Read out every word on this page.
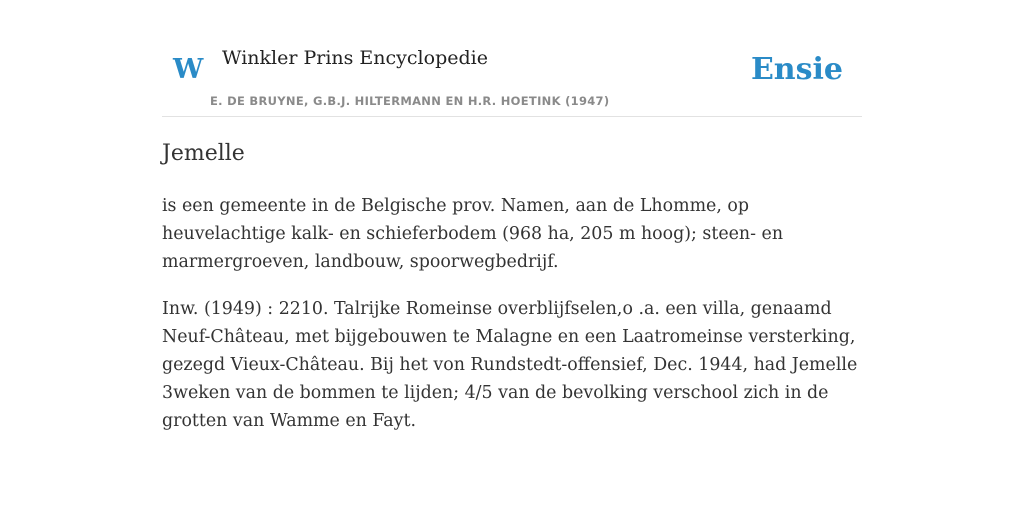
W Winkler Prins Encyclopedie
E. DE BRUYNE, G.B.J. HILTERMANN EN H.R. HOETINK (1947)
Ensie
Jemelle

is een gemeente in de Belgische prov. Namen, aan de Lhomme, op heuvelachtige kalk- en schieferbodem (968 ha, 205 m hoog); steen- en marmergroeven, landbouw, spoorwegbedrijf.

Inw. (1949) : 2210. Talrijke Romeinse overblijfselen,o .a. een villa, genaamd Neuf-Château, met bijgebouwen te Malagne en een Laatromeinse versterking, gezegd Vieux-Château. Bij het von Rundstedt-offensief, Dec. 1944, had Jemelle 3weken van de bommen te lijden; 4/5 van de bevolking verschool zich in de grotten van Wamme en Fayt.
